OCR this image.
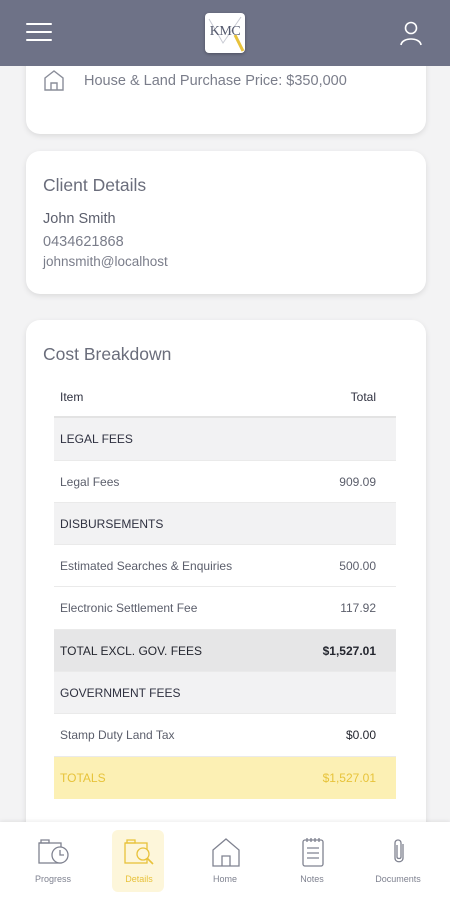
KMC
House & Land Purchase Price: $350,000
Client Details
John Smith
0434621868
johnsmith@localhost
Cost Breakdown
Item	Total
LEGAL FEES
Legal Fees	909.09
DISBURSEMENTS
Estimated Searches & Enquiries	500.00
Electronic Settlement Fee	117.92
TOTAL EXCL. GOV. FEES	$1,527.01
GOVERNMENT FEES
Stamp Duty Land Tax	$0.00
TOTALS	$1,527.01
Progress	Details	Home	Notes	Documents
